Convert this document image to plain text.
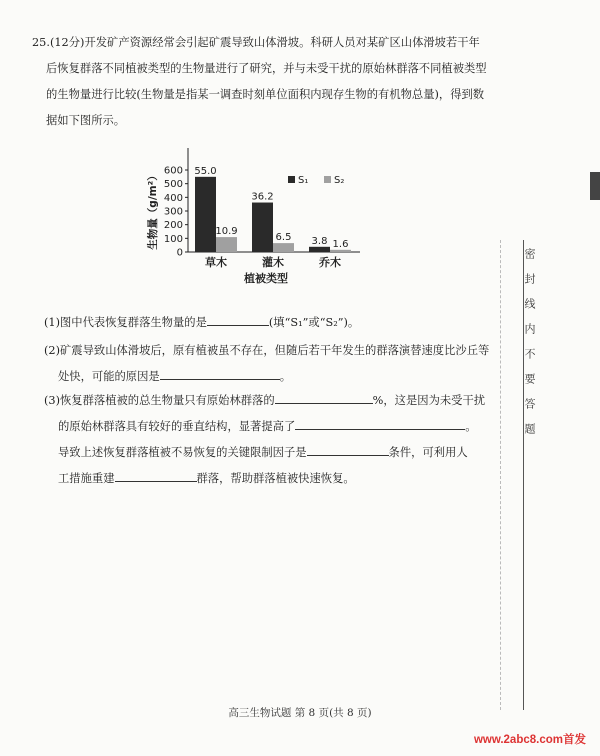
25.(12分)开发矿产资源经常会引起矿震导致山体滑坡。科研人员对某矿区山体滑坡若干年
后恢复群落不同植被类型的生物量进行了研究，并与未受干扰的原始林群落不同植被类型
的生物量进行比较(生物量是指某一调查时刻单位面积内现存生物的有机物总量)，得到数
据如下图所示。
0
100
200
300
400
500
600
生物量（g/m²）	55.0
10.9
草木
36.2
6.5
灌木
3.8 1.6
乔木
植被类型
S₁	S₂
(1)图中代表恢复群落生物量的是	(填“S₁”或“S₂”)。
(2)矿震导致山体滑坡后，原有植被虽不存在，但随后若干年发生的群落演替速度比沙丘等
处快，可能的原因是	。
(3)恢复群落植被的总生物量只有原始林群落的	%，这是因为未受干扰
的原始林群落具有较好的垂直结构，显著提高了	。
导致上述恢复群落植被不易恢复的关键限制因子是	条件，可利用人
工措施重建	群落，帮助群落植被快速恢复。
密封线内不要答题
高三生物试题 第 8 页(共 8 页)
www.2abc8.com首发
